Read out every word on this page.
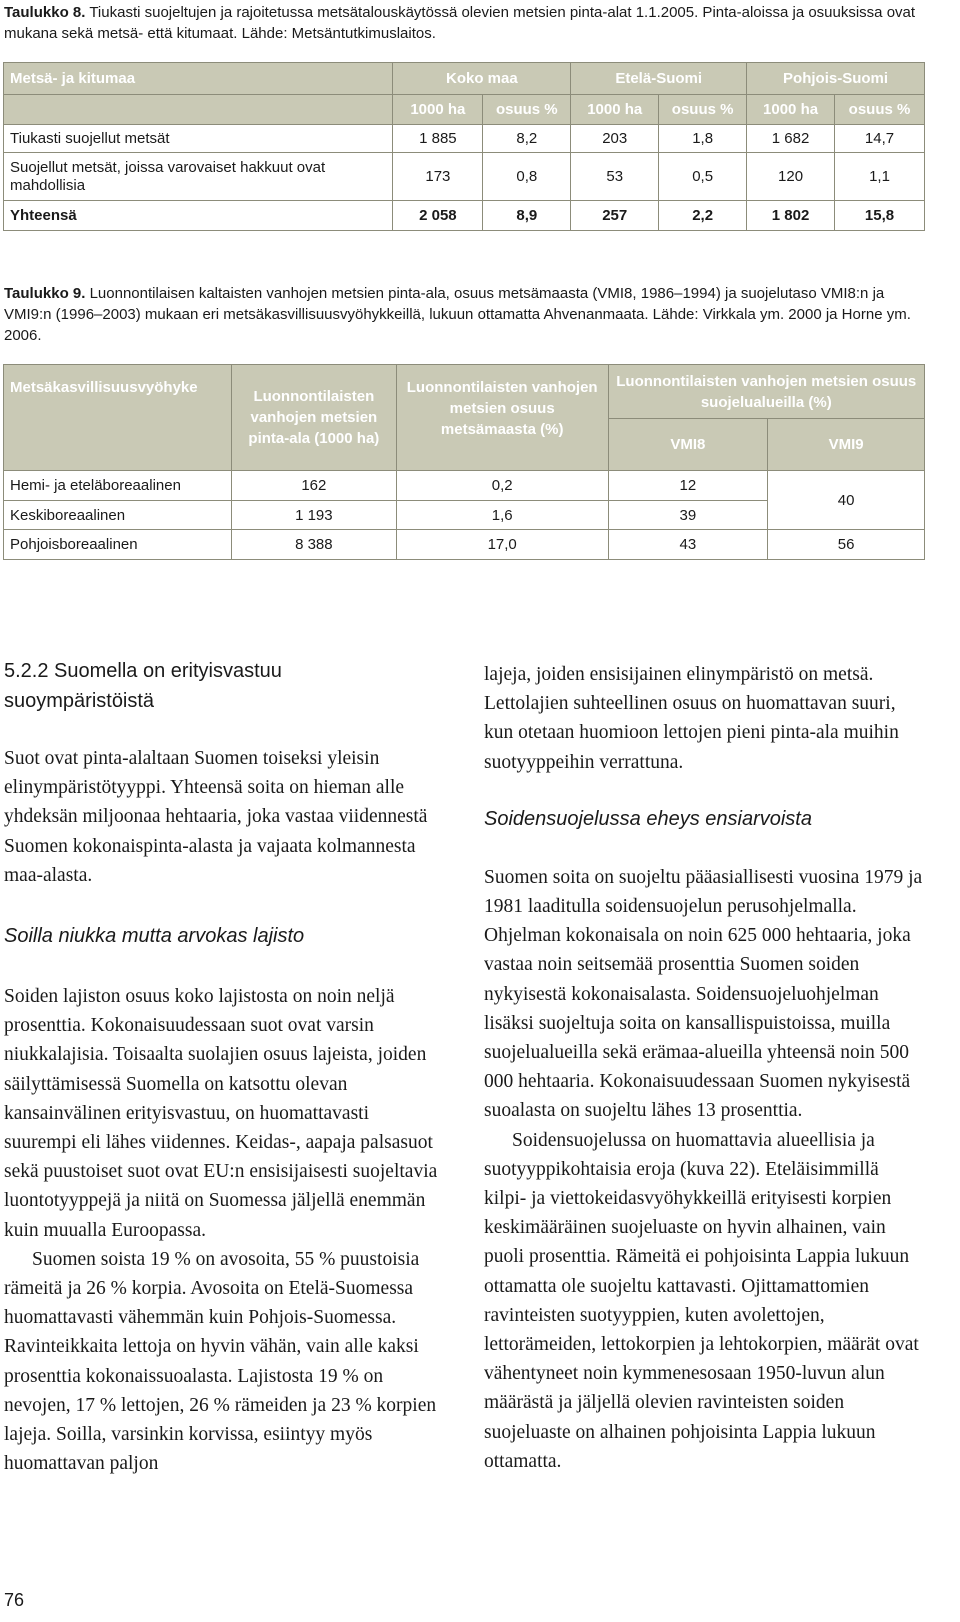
Taulukko 8. Tiukasti suojeltujen ja rajoitetussa metsätalouskäytössä olevien metsien pinta-alat 1.1.2005. Pinta-aloissa ja osuuksissa ovat mukana sekä metsä- että kitumaat. Lähde: Metsäntutkimuslaitos.
Metsä- ja kitumaa	Koko maa		Etelä-Suomi		Pohjois-Suomi	
	1000 ha	osuus %	1000 ha	osuus %	1000 ha	osuus %
Tiukasti suojellut metsät	1 885	8,2	203	1,8	1 682	14,7
Suojellut metsät, joissa varovaiset hakkuut ovat mahdollisia	173	0,8	53	0,5	120	1,1
Yhteensä	2 058	8,9	257	2,2	1 802	15,8
Taulukko 9. Luonnontilaisen kaltaisten vanhojen metsien pinta-ala, osuus metsämaasta (VMI8, 1986–1994) ja suojelutaso VMI8:n ja VMI9:n (1996–2003) mukaan eri metsäkasvillisuusvyöhykkeillä, lukuun ottamatta Ahvenanmaata. Lähde: Virkkala ym. 2000 ja Horne ym. 2006.
Metsäkasvillisuusvyöhyke	Luonnontilaisten vanhojen metsien pinta-ala (1000 ha)	Luonnontilaisten vanhojen metsien osuus metsämaasta (%)	Luonnontilaisten vanhojen metsien osuus suojelualueilla (%)	
			VMI8	VMI9
Hemi- ja eteläboreaalinen	162	0,2	12	40
Keskiboreaalinen	1 193	1,6	39	
Pohjoisboreaalinen	8 388	17,0	43	56

5.2.2 Suomella on erityisvastuu suoympäristöistä

Suot ovat pinta-alaltaan Suomen toiseksi yleisin elinympäristötyyppi. Yhteensä soita on hieman alle yhdeksän miljoonaa hehtaaria, joka vastaa viidennestä Suomen kokonaispinta-alasta ja vajaata kolmannesta maa-alasta.

Soilla niukka mutta arvokas lajisto

Soiden lajiston osuus koko lajistosta on noin neljä prosenttia. Kokonaisuudessaan suot ovat varsin niukkalajisia. Toisaalta suolajien osuus lajeista, joiden säilyttämisessä Suomella on katsottu olevan kansainvälinen erityisvastuu, on huomattavasti suurempi eli lähes viidennes. Keidas-, aapaja palsasuot sekä puustoiset suot ovat EU:n ensisijaisesti suojeltavia luontotyyppejä ja niitä on Suomessa jäljellä enemmän kuin muualla Euroopassa.

Suomen soista 19 % on avosoita, 55 % puustoisia rämeitä ja 26 % korpia. Avosoita on Etelä-Suomessa huomattavasti vähemmän kuin Pohjois-Suomessa. Ravinteikkaita lettoja on hyvin vähän, vain alle kaksi prosenttia kokonaissuoalasta. Lajistosta 19 % on nevojen, 17 % lettojen, 26 % rämeiden ja 23 % korpien lajeja. Soilla, varsinkin korvissa, esiintyy myös huomattavan paljon

lajeja, joiden ensisijainen elinympäristö on metsä. Lettolajien suhteellinen osuus on huomattavan suuri, kun otetaan huomioon lettojen pieni pinta-ala muihin suotyyppeihin verrattuna.

Soidensuojelussa eheys ensiarvoista

Suomen soita on suojeltu pääasiallisesti vuosina 1979 ja 1981 laaditulla soidensuojelun perusohjelmalla. Ohjelman kokonaisala on noin 625 000 hehtaaria, joka vastaa noin seitsemää prosenttia Suomen soiden nykyisestä kokonaisalasta. Soidensuojeluohjelman lisäksi suojeltuja soita on kansallispuistoissa, muilla suojelualueilla sekä erämaa-alueilla yhteensä noin 500 000 hehtaaria. Kokonaisuudessaan Suomen nykyisestä suoalasta on suojeltu lähes 13 prosenttia.

Soidensuojelussa on huomattavia alueellisia ja suotyyppikohtaisia eroja (kuva 22). Eteläisimmillä kilpi- ja viettokeidasvyöhykkeillä erityisesti korpien keskimääräinen suojeluaste on hyvin alhainen, vain puoli prosenttia. Rämeitä ei pohjoisinta Lappia lukuun ottamatta ole suojeltu kattavasti. Ojittamattomien ravinteisten suotyyppien, kuten avolettojen, lettorämeiden, lettokorpien ja lehtokorpien, määrät ovat vähentyneet noin kymmenesosaan 1950-luvun alun määrästä ja jäljellä olevien ravinteisten soiden suojeluaste on alhainen pohjoisinta Lappia lukuun ottamatta.

76
